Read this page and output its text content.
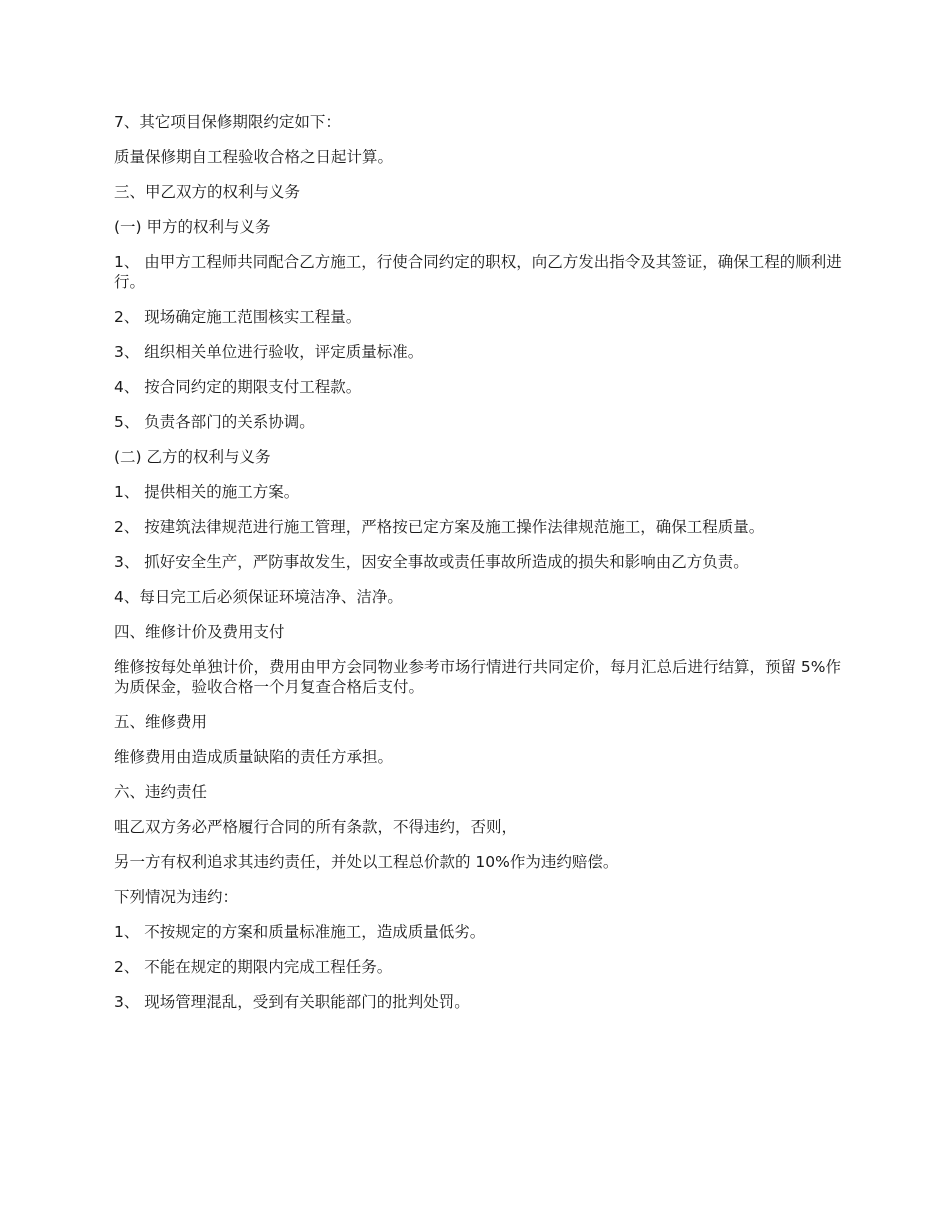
7、其它项目保修期限约定如下：

质量保修期自工程验收合格之日起计算。

三、甲乙双方的权利与义务

(一) 甲方的权利与义务

1、 由甲方工程师共同配合乙方施工，行使合同约定的职权，向乙方发出指令及其签证，确保工程的顺利进行。

2、 现场确定施工范围核实工程量。

3、 组织相关单位进行验收，评定质量标准。

4、 按合同约定的期限支付工程款。

5、 负责各部门的关系协调。

(二) 乙方的权利与义务

1、 提供相关的施工方案。

2、 按建筑法律规范进行施工管理，严格按已定方案及施工操作法律规范施工，确保工程质量。

3、 抓好安全生产，严防事故发生，因安全事故或责任事故所造成的损失和影响由乙方负责。

4、每日完工后必须保证环境洁净、洁净。

四、维修计价及费用支付

维修按每处单独计价，费用由甲方会同物业参考市场行情进行共同定价，每月汇总后进行结算，预留 5%作为质保金，验收合格一个月复查合格后支付。

五、维修费用

维修费用由造成质量缺陷的责任方承担。

六、违约责任

咀乙双方务必严格履行合同的所有条款，不得违约，否则，

另一方有权利追求其违约责任，并处以工程总价款的 10%作为违约赔偿。

下列情况为违约：

1、 不按规定的方案和质量标准施工，造成质量低劣。

2、 不能在规定的期限内完成工程任务。

3、 现场管理混乱，受到有关职能部门的批判处罚。
